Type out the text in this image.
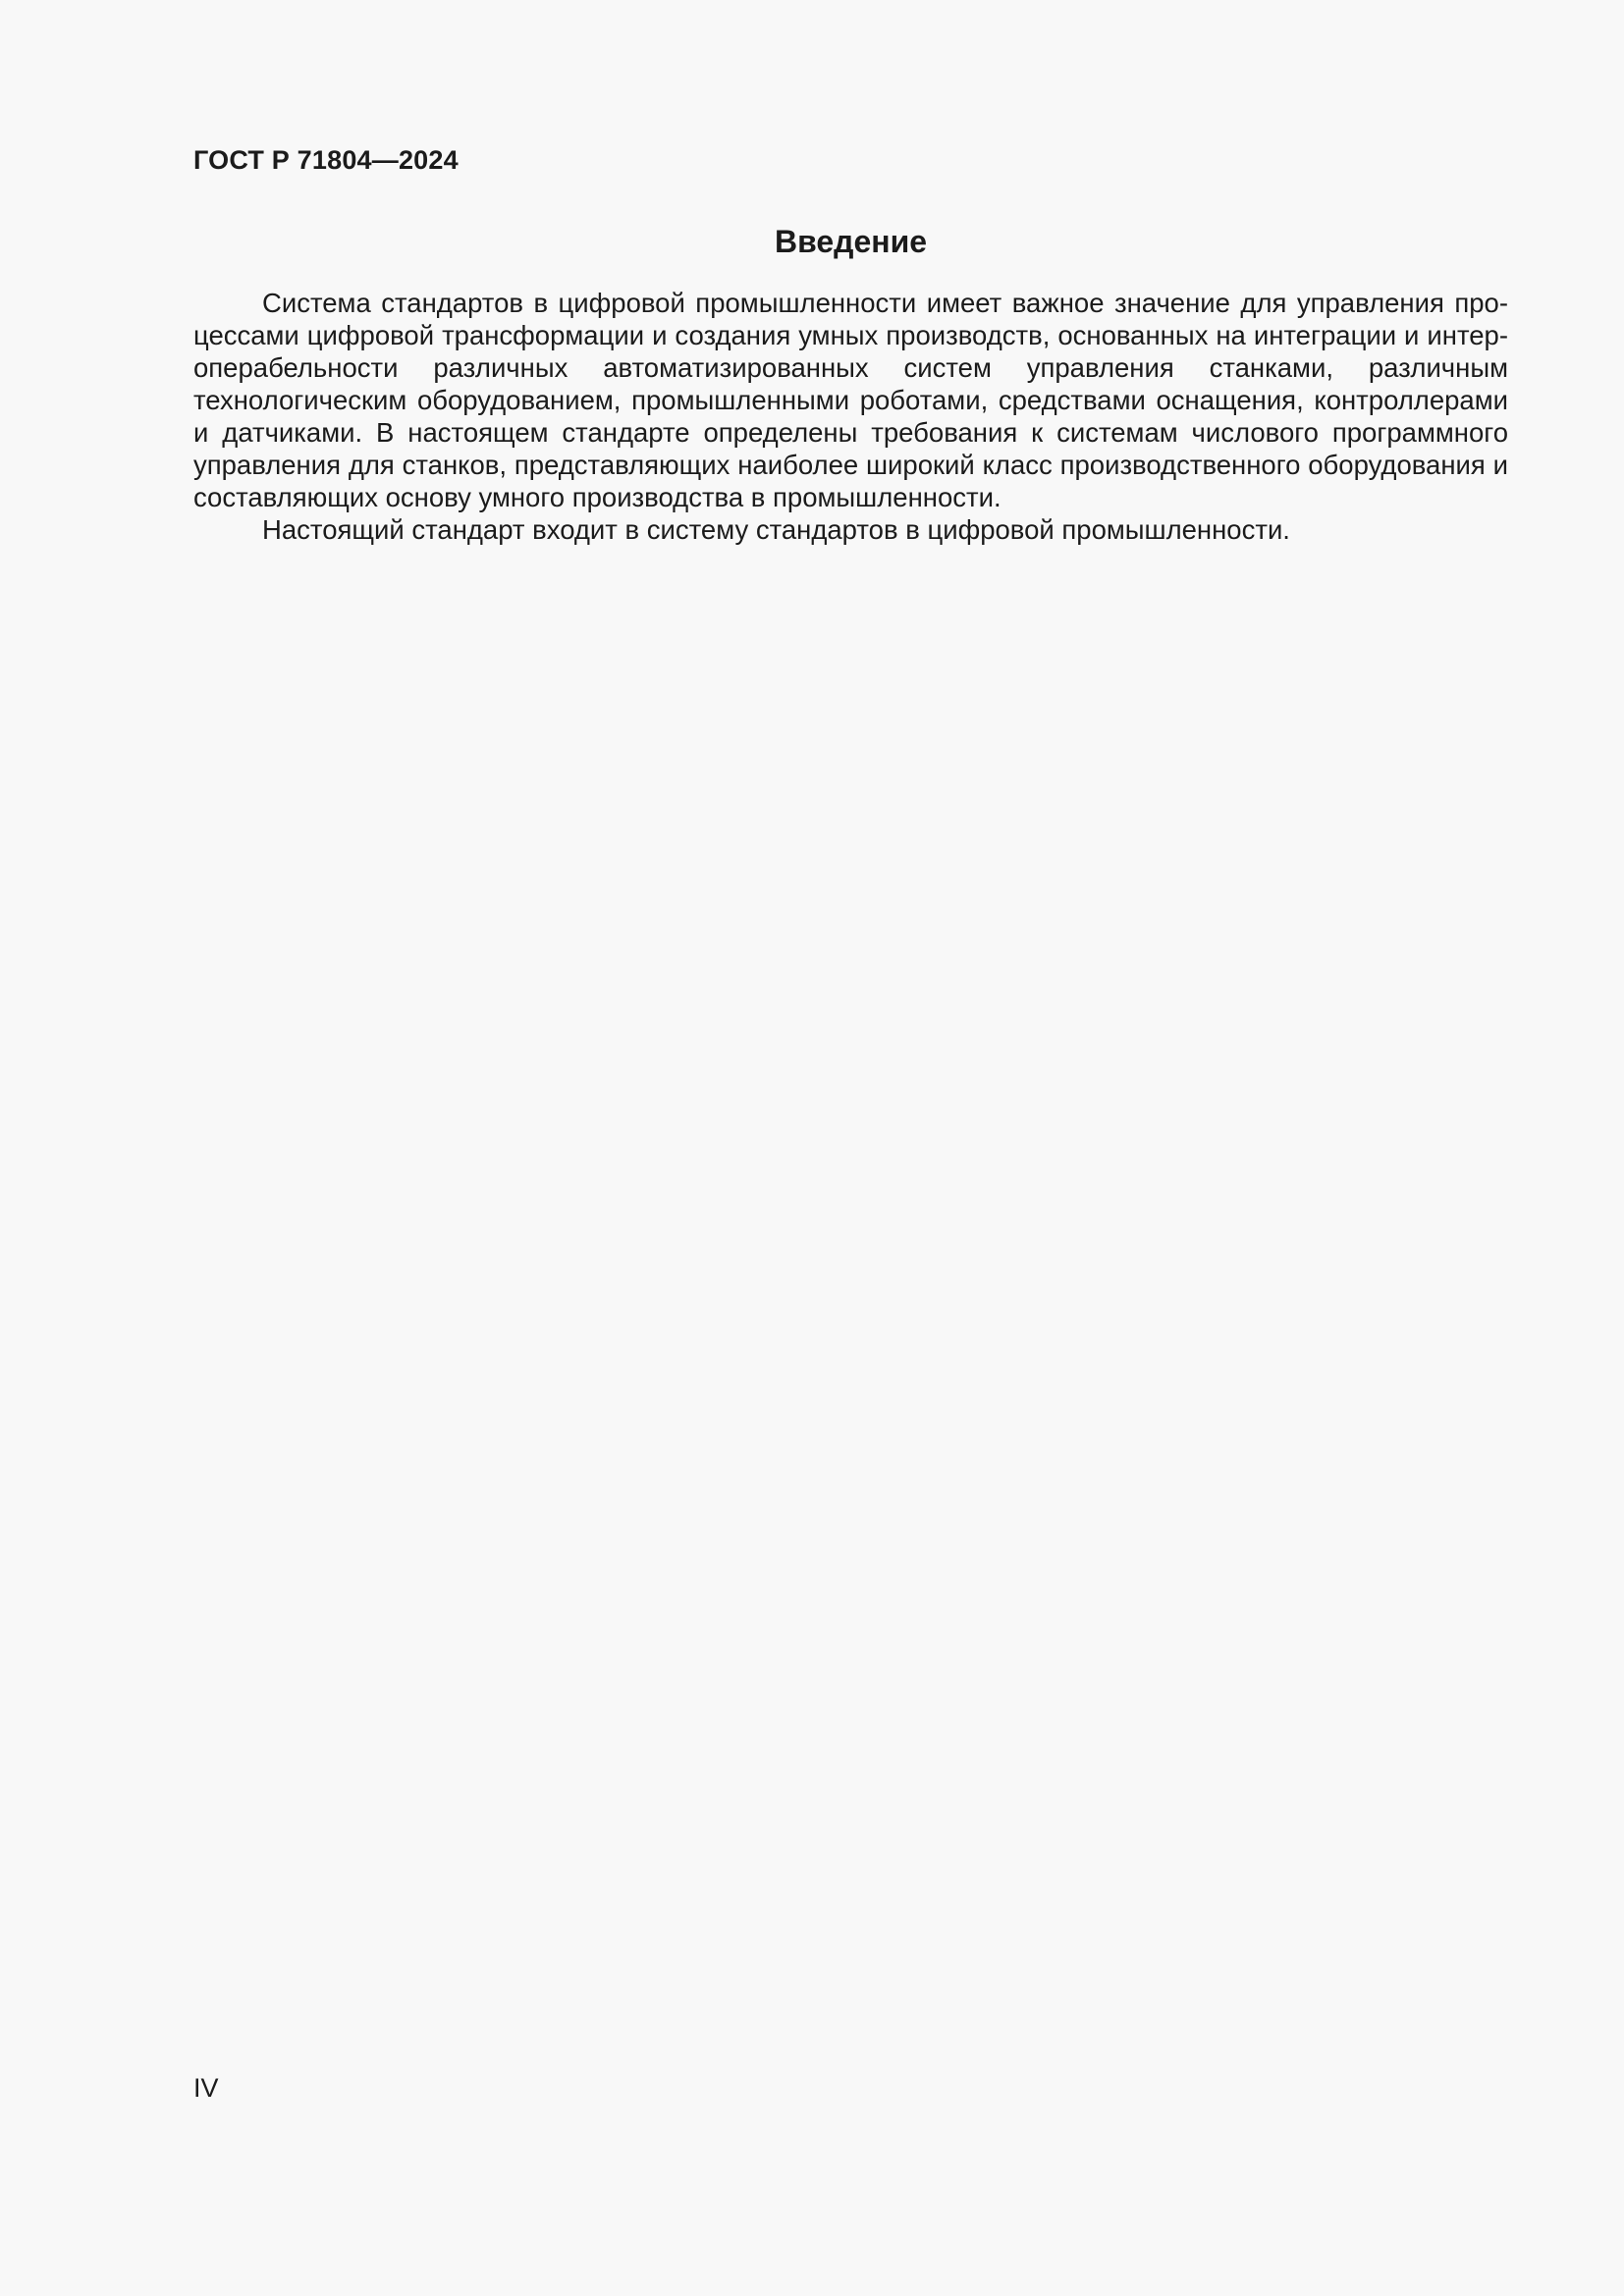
ГОСТ Р 71804—2024
Введение

Система стандартов в цифровой промышленности имеет важное значение для управления процессами цифровой трансформации и создания умных производств, основанных на интеграции и интероперабельности различных автоматизированных систем управления станками, различным технологическим оборудованием, промышленными роботами, средствами оснащения, контроллерами и датчиками. В настоящем стандарте определены требования к системам числового программного управления для станков, представляющих наиболее широкий класс производственного оборудования и составляющих основу умного производства в промышленности.

Настоящий стандарт входит в систему стандартов в цифровой промышленности.

IV
